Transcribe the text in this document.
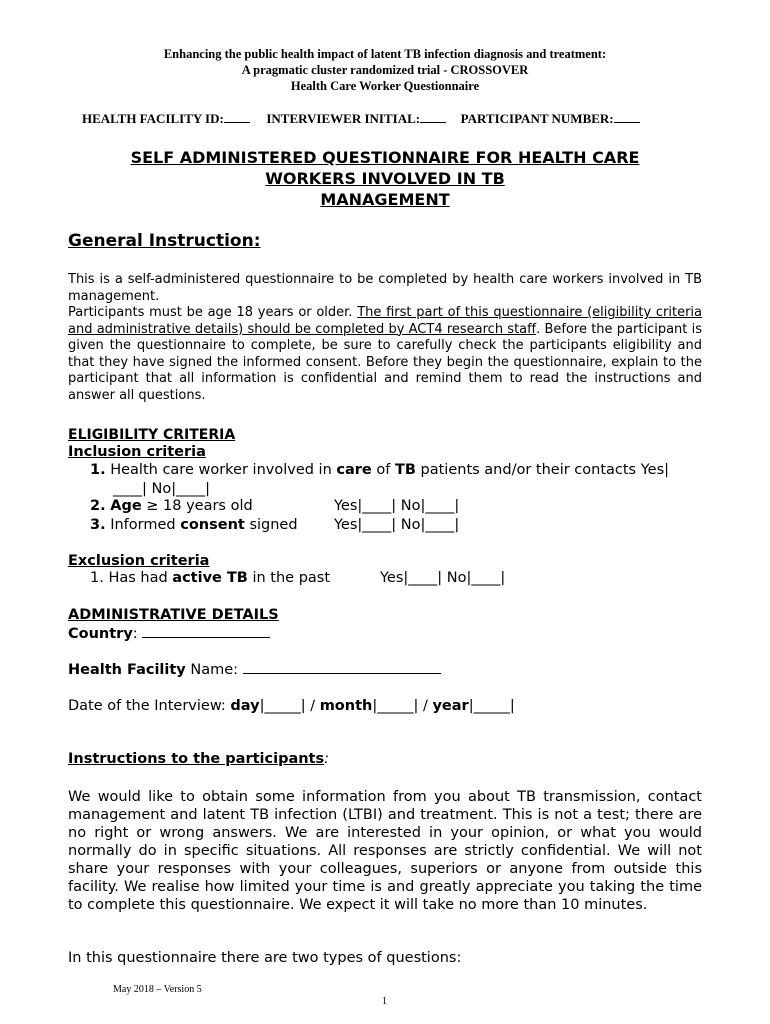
Enhancing the public health impact of latent TB infection diagnosis and treatment:
A pragmatic cluster randomized trial - CROSSOVER
Health Care Worker Questionnaire
HEALTH FACILITY ID:	INTERVIEWER INITIAL:	PARTICIPANT NUMBER:
SELF ADMINISTERED QUESTIONNAIRE FOR HEALTH CARE
WORKERS INVOLVED IN TB
MANAGEMENT
General Instruction:
This is a self-administered questionnaire to be completed by health care workers involved in TB management.
Participants must be age 18 years or older. The first part of this questionnaire (eligibility criteria and administrative details) should be completed by ACT4 research staff. Before the participant is given the questionnaire to complete, be sure to carefully check the participants eligibility and that they have signed the informed consent. Before they begin the questionnaire, explain to the participant that all information is confidential and remind them to read the instructions and answer all questions.
ELIGIBILITY CRITERIA
Inclusion criteria
1. Health care worker involved in care of TB patients and/or their contacts Yes|
____| No|____|
2. Age ≥ 18 years old	Yes|____| No|____|
3. Informed consent signed	Yes|____| No|____|
Exclusion criteria
1. Has had active TB in the past	Yes|____| No|____|
ADMINISTRATIVE DETAILS
Country:
Health Facility Name:
Date of the Interview: day|_____| / month|_____| / year|_____|
Instructions to the participants:
We would like to obtain some information from you about TB transmission, contact management and latent TB infection (LTBI) and treatment. This is not a test; there are no right or wrong answers. We are interested in your opinion, or what you would normally do in specific situations. All responses are strictly confidential. We will not share your responses with your colleagues, superiors or anyone from outside this facility. We realise how limited your time is and greatly appreciate you taking the time to complete this questionnaire. We expect it will take no more than 10 minutes.
In this questionnaire there are two types of questions:
May 2018 – Version 5
1
